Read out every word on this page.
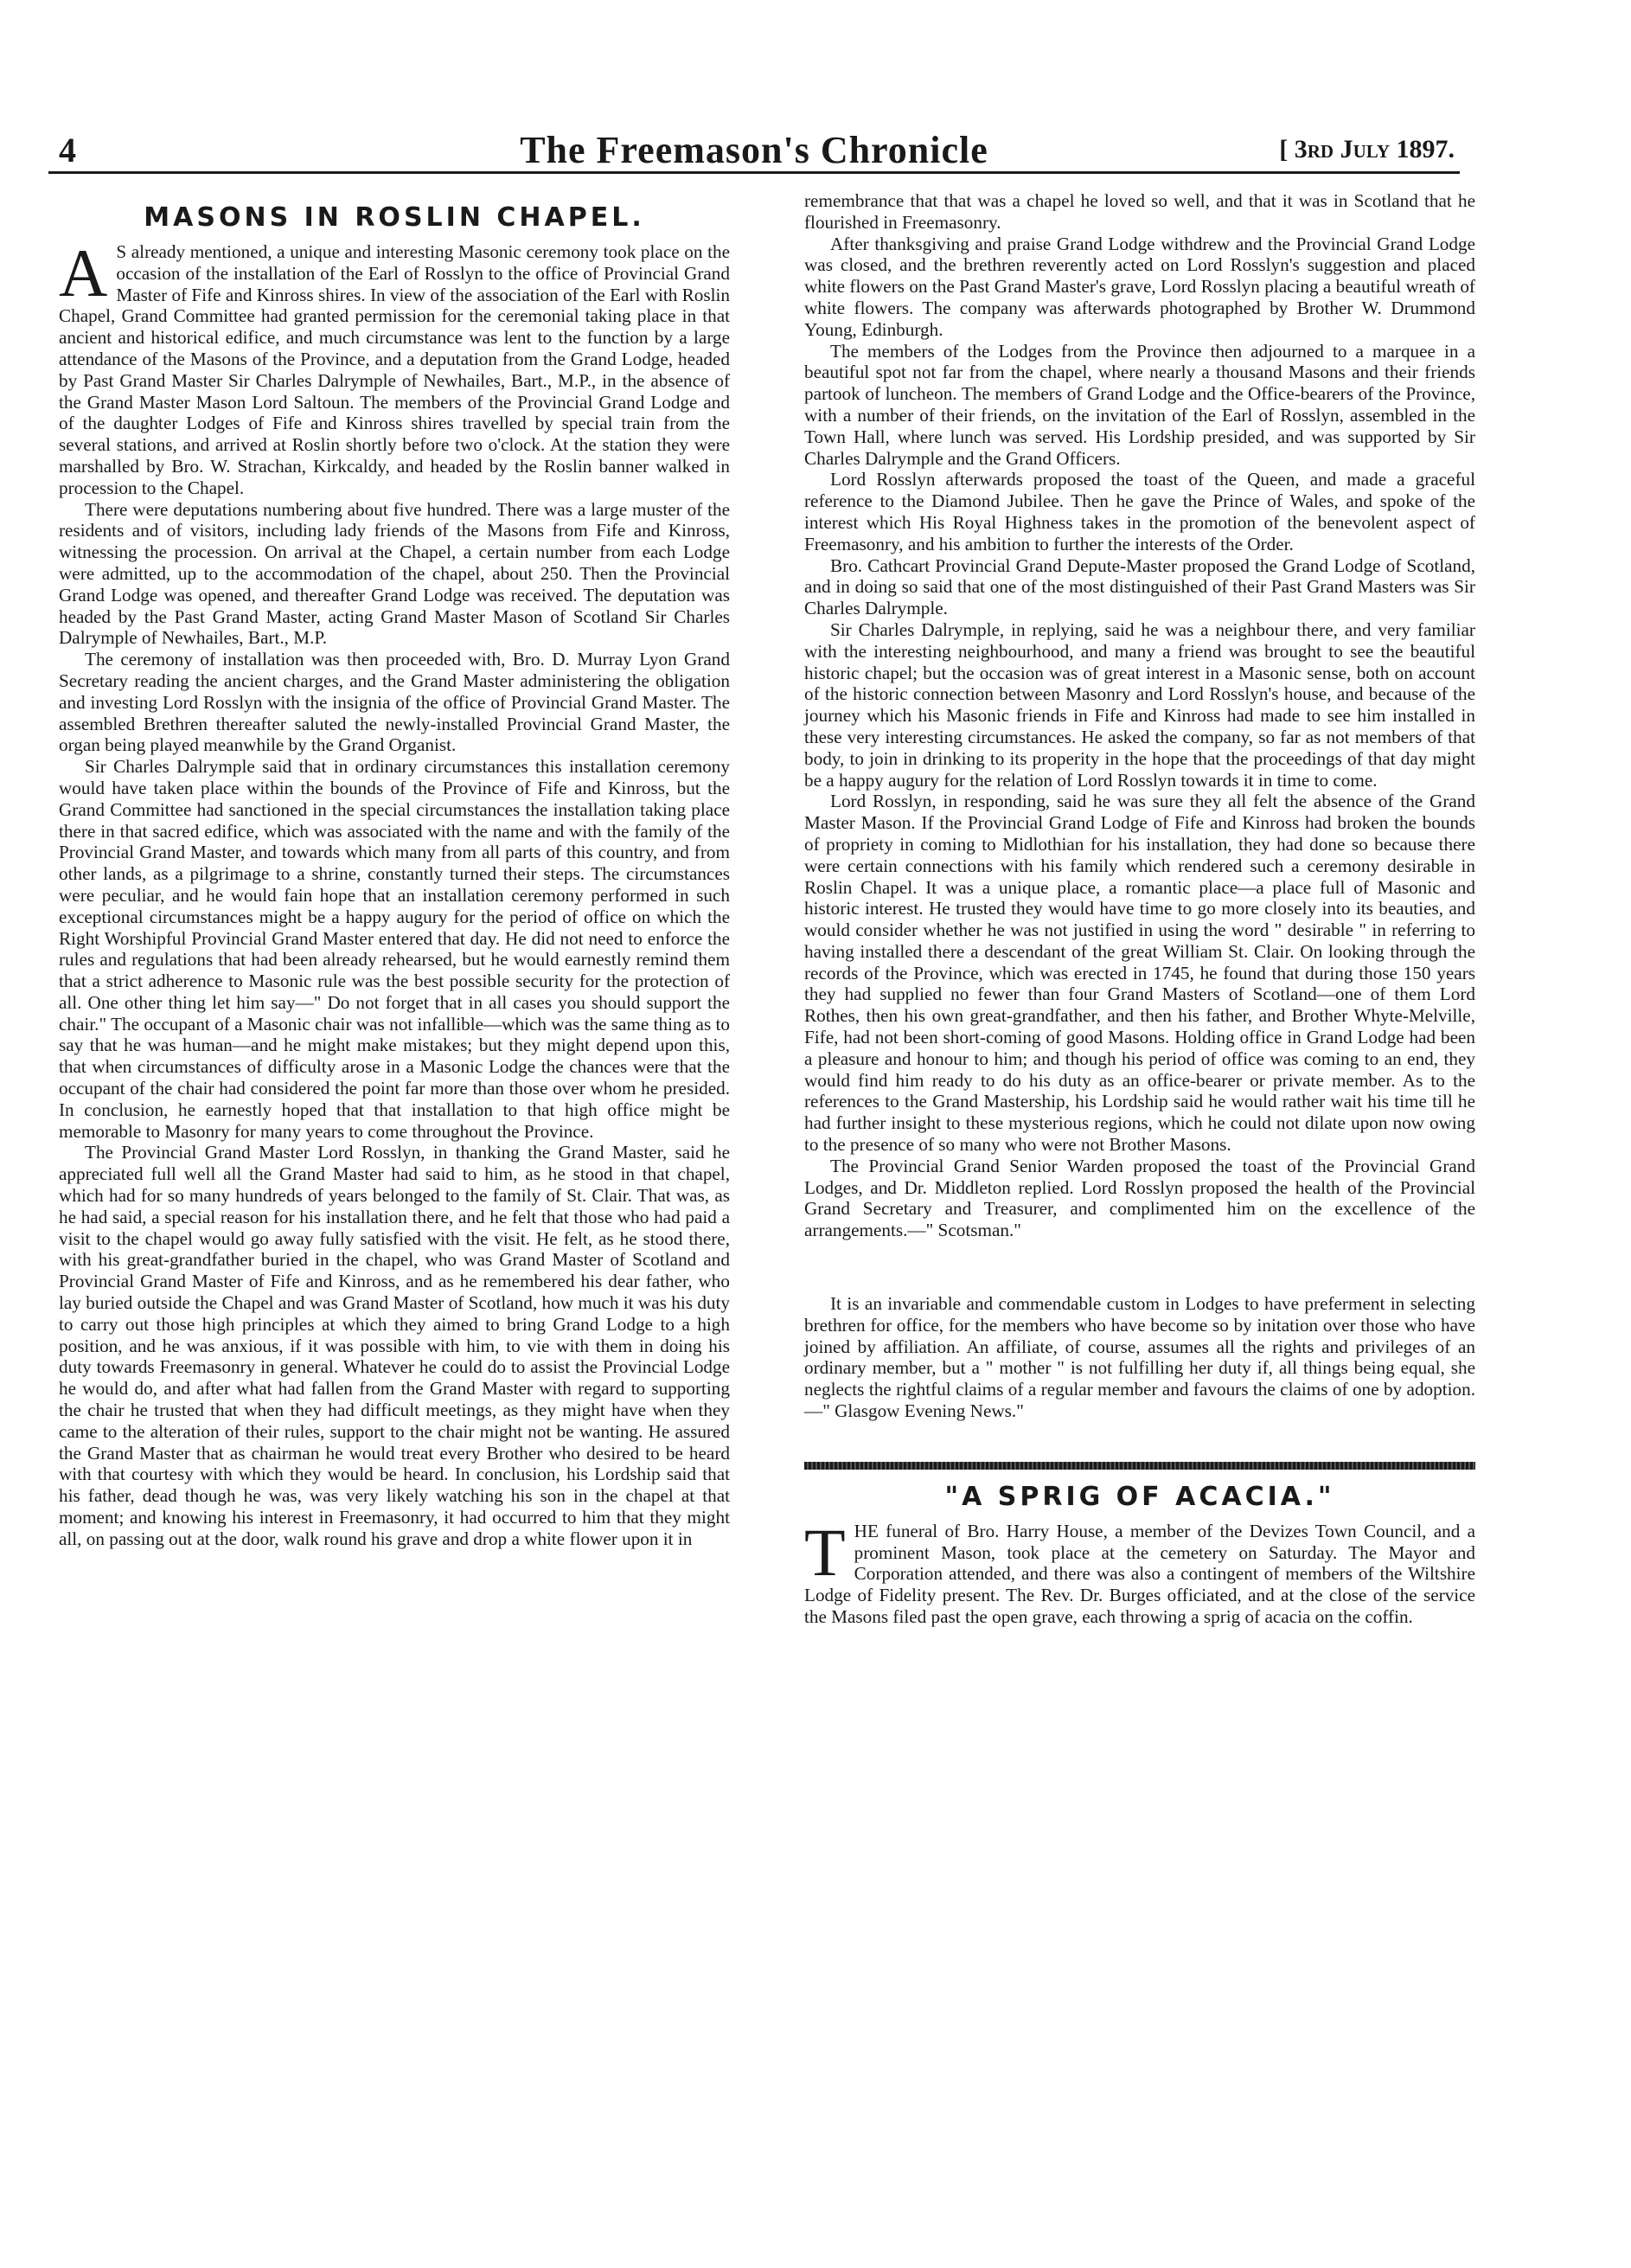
4	The Freemason's Chronicle	[ 3rd July 1897.
MASONS IN ROSLIN CHAPEL.

A S already mentioned, a unique and interesting Masonic ceremony took place on the occasion of the installation of the Earl of Rosslyn to the office of Provincial Grand Master of Fife and Kinross shires. In view of the association of the Earl with Roslin Chapel, Grand Committee had granted permission for the ceremonial taking place in that ancient and historical edifice, and much circumstance was lent to the function by a large attendance of the Masons of the Province, and a deputation from the Grand Lodge, headed by Past Grand Master Sir Charles Dalrymple of Newhailes, Bart., M.P., in the absence of the Grand Master Mason Lord Saltoun. The members of the Provincial Grand Lodge and of the daughter Lodges of Fife and Kinross shires travelled by special train from the several stations, and arrived at Roslin shortly before two o'clock. At the station they were marshalled by Bro. W. Strachan, Kirkcaldy, and headed by the Roslin banner walked in procession to the Chapel.

There were deputations numbering about five hundred. There was a large muster of the residents and of visitors, including lady friends of the Masons from Fife and Kinross, witnessing the procession. On arrival at the Chapel, a certain number from each Lodge were admitted, up to the accommodation of the chapel, about 250. Then the Provincial Grand Lodge was opened, and thereafter Grand Lodge was received. The deputation was headed by the Past Grand Master, acting Grand Master Mason of Scotland Sir Charles Dalrymple of Newhailes, Bart., M.P.

The ceremony of installation was then proceeded with, Bro. D. Murray Lyon Grand Secretary reading the ancient charges, and the Grand Master administering the obligation and investing Lord Rosslyn with the insignia of the office of Provincial Grand Master. The assembled Brethren thereafter saluted the newly-installed Provincial Grand Master, the organ being played meanwhile by the Grand Organist.

Sir Charles Dalrymple said that in ordinary circumstances this installation ceremony would have taken place within the bounds of the Province of Fife and Kinross, but the Grand Committee had sanctioned in the special circumstances the installation taking place there in that sacred edifice, which was associated with the name and with the family of the Provincial Grand Master, and towards which many from all parts of this country, and from other lands, as a pilgrimage to a shrine, constantly turned their steps. The circumstances were peculiar, and he would fain hope that an installation ceremony performed in such exceptional circumstances might be a happy augury for the period of office on which the Right Worshipful Provincial Grand Master entered that day. He did not need to enforce the rules and regulations that had been already rehearsed, but he would earnestly remind them that a strict adherence to Masonic rule was the best possible security for the protection of all. One other thing let him say—" Do not forget that in all cases you should support the chair." The occupant of a Masonic chair was not infallible—which was the same thing as to say that he was human—and he might make mistakes; but they might depend upon this, that when circumstances of difficulty arose in a Masonic Lodge the chances were that the occupant of the chair had considered the point far more than those over whom he presided. In conclusion, he earnestly hoped that that installation to that high office might be memorable to Masonry for many years to come throughout the Province.

The Provincial Grand Master Lord Rosslyn, in thanking the Grand Master, said he appreciated full well all the Grand Master had said to him, as he stood in that chapel, which had for so many hundreds of years belonged to the family of St. Clair. That was, as he had said, a special reason for his installation there, and he felt that those who had paid a visit to the chapel would go away fully satisfied with the visit. He felt, as he stood there, with his great-grandfather buried in the chapel, who was Grand Master of Scotland and Provincial Grand Master of Fife and Kinross, and as he remembered his dear father, who lay buried outside the Chapel and was Grand Master of Scotland, how much it was his duty to carry out those high principles at which they aimed to bring Grand Lodge to a high position, and he was anxious, if it was possible with him, to vie with them in doing his duty towards Freemasonry in general. Whatever he could do to assist the Provincial Lodge he would do, and after what had fallen from the Grand Master with regard to supporting the chair he trusted that when they had difficult meetings, as they might have when they came to the alteration of their rules, support to the chair might not be wanting. He assured the Grand Master that as chairman he would treat every Brother who desired to be heard with that courtesy with which they would be heard. In conclusion, his Lordship said that his father, dead though he was, was very likely watching his son in the chapel at that moment; and knowing his interest in Freemasonry, it had occurred to him that they might all, on passing out at the door, walk round his grave and drop a white flower upon it in

remembrance that that was a chapel he loved so well, and that it was in Scotland that he flourished in Freemasonry.

After thanksgiving and praise Grand Lodge withdrew and the Provincial Grand Lodge was closed, and the brethren reverently acted on Lord Rosslyn's suggestion and placed white flowers on the Past Grand Master's grave, Lord Rosslyn placing a beautiful wreath of white flowers. The company was afterwards photographed by Brother W. Drummond Young, Edinburgh.

The members of the Lodges from the Province then adjourned to a marquee in a beautiful spot not far from the chapel, where nearly a thousand Masons and their friends partook of luncheon. The members of Grand Lodge and the Office-bearers of the Province, with a number of their friends, on the invitation of the Earl of Rosslyn, assembled in the Town Hall, where lunch was served. His Lordship presided, and was supported by Sir Charles Dalrymple and the Grand Officers.

Lord Rosslyn afterwards proposed the toast of the Queen, and made a graceful reference to the Diamond Jubilee. Then he gave the Prince of Wales, and spoke of the interest which His Royal Highness takes in the promotion of the benevolent aspect of Freemasonry, and his ambition to further the interests of the Order.

Bro. Cathcart Provincial Grand Depute-Master proposed the Grand Lodge of Scotland, and in doing so said that one of the most distinguished of their Past Grand Masters was Sir Charles Dalrymple.

Sir Charles Dalrymple, in replying, said he was a neighbour there, and very familiar with the interesting neighbourhood, and many a friend was brought to see the beautiful historic chapel; but the occasion was of great interest in a Masonic sense, both on account of the historic connection between Masonry and Lord Rosslyn's house, and because of the journey which his Masonic friends in Fife and Kinross had made to see him installed in these very interesting circumstances. He asked the company, so far as not members of that body, to join in drinking to its properity in the hope that the proceedings of that day might be a happy augury for the relation of Lord Rosslyn towards it in time to come.

Lord Rosslyn, in responding, said he was sure they all felt the absence of the Grand Master Mason. If the Provincial Grand Lodge of Fife and Kinross had broken the bounds of propriety in coming to Midlothian for his installation, they had done so because there were certain connections with his family which rendered such a ceremony desirable in Roslin Chapel. It was a unique place, a romantic place—a place full of Masonic and historic interest. He trusted they would have time to go more closely into its beauties, and would consider whether he was not justified in using the word " desirable " in referring to having installed there a descendant of the great William St. Clair. On looking through the records of the Province, which was erected in 1745, he found that during those 150 years they had supplied no fewer than four Grand Masters of Scotland—one of them Lord Rothes, then his own great-grandfather, and then his father, and Brother Whyte-Melville, Fife, had not been short-coming of good Masons. Holding office in Grand Lodge had been a pleasure and honour to him; and though his period of office was coming to an end, they would find him ready to do his duty as an office-bearer or private member. As to the references to the Grand Mastership, his Lordship said he would rather wait his time till he had further insight to these mysterious regions, which he could not dilate upon now owing to the presence of so many who were not Brother Masons.

The Provincial Grand Senior Warden proposed the toast of the Provincial Grand Lodges, and Dr. Middleton replied. Lord Rosslyn proposed the health of the Provincial Grand Secretary and Treasurer, and complimented him on the excellence of the arrangements.—" Scotsman."

It is an invariable and commendable custom in Lodges to have preferment in selecting brethren for office, for the members who have become so by initation over those who have joined by affiliation. An affiliate, of course, assumes all the rights and privileges of an ordinary member, but a " mother " is not fulfilling her duty if, all things being equal, she neglects the rightful claims of a regular member and favours the claims of one by adoption.—" Glasgow Evening News."

"A SPRIG OF ACACIA."

THE funeral of Bro. Harry House, a member of the Devizes Town Council, and a prominent Mason, took place at the cemetery on Saturday. The Mayor and Corporation attended, and there was also a contingent of members of the Wiltshire Lodge of Fidelity present. The Rev. Dr. Burges officiated, and at the close of the service the Masons filed past the open grave, each throwing a sprig of acacia on the coffin.
